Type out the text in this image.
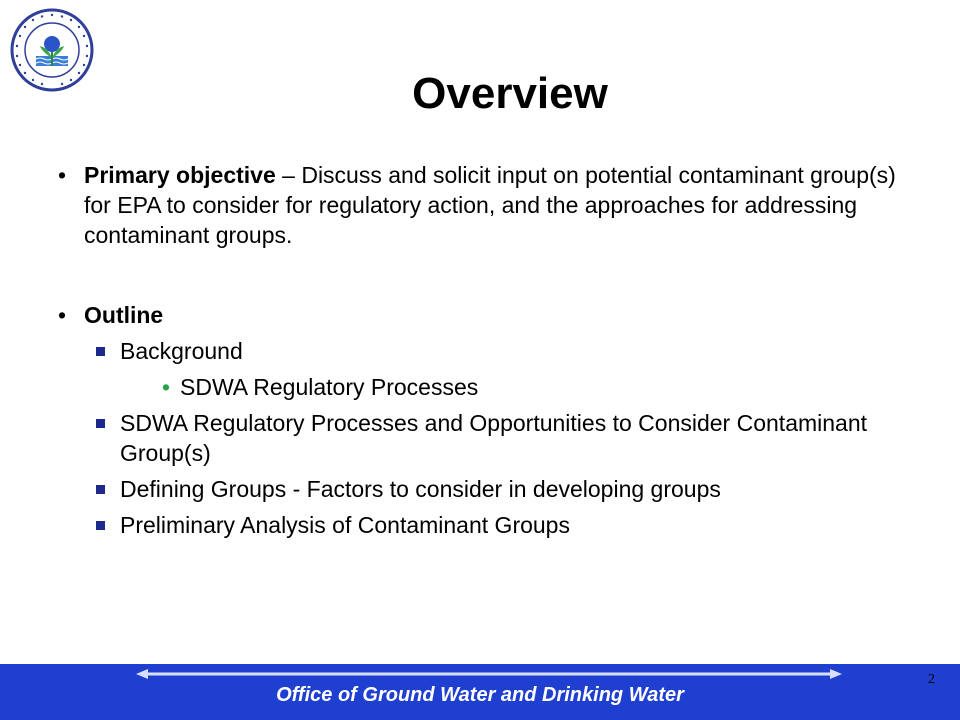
Overview
• Primary objective – Discuss and solicit input on potential contaminant group(s) for EPA to consider for regulatory action, and the approaches for addressing contaminant groups.
• Outline
Background
• SDWA Regulatory Processes
SDWA Regulatory Processes and Opportunities to Consider Contaminant Group(s)
Defining Groups - Factors to consider in developing groups
Preliminary Analysis of Contaminant Groups
Office of Ground Water and Drinking Water
2
